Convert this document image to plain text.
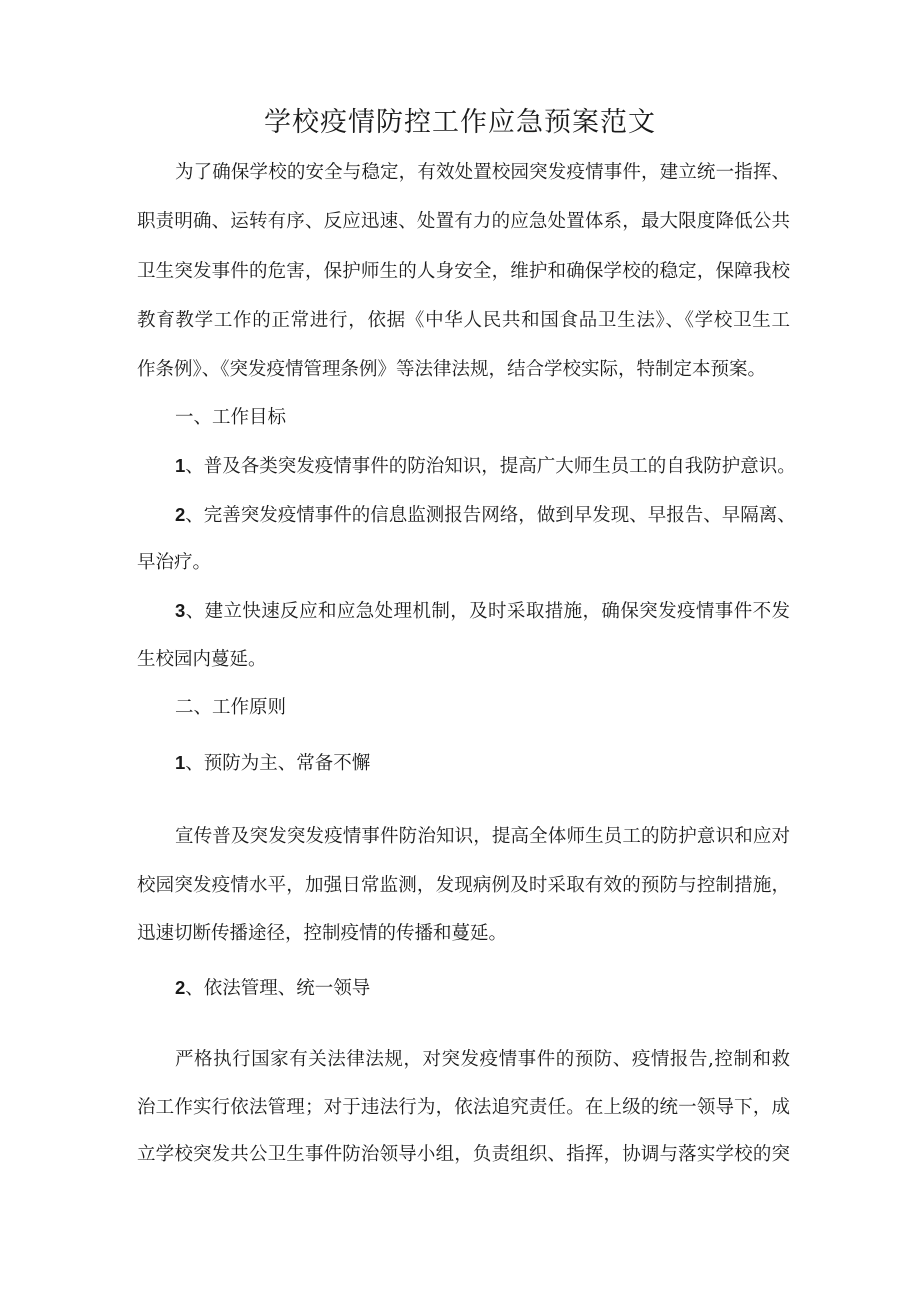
学校疫情防控工作应急预案范文

为了确保学校的安全与稳定，有效处置校园突发疫情事件，建立统一指挥、

职责明确、运转有序、反应迅速、处置有力的应急处置体系，最大限度降低公共

卫生突发事件的危害，保护师生的人身安全，维护和确保学校的稳定，保障我校

教育教学工作的正常进行，依据《中华人民共和国食品卫生法》、《学校卫生工

作条例》、《突发疫情管理条例》等法律法规，结合学校实际，特制定本预案。

一、工作目标

1、普及各类突发疫情事件的防治知识，提高广大师生员工的自我防护意识。

2、完善突发疫情事件的信息监测报告网络，做到早发现、早报告、早隔离、

早治疗。

3、建立快速反应和应急处理机制，及时采取措施，确保突发疫情事件不发

生校园内蔓延。

二、工作原则

1、预防为主、常备不懈

宣传普及突发突发疫情事件防治知识，提高全体师生员工的防护意识和应对

校园突发疫情水平，加强日常监测，发现病例及时采取有效的预防与控制措施，

迅速切断传播途径，控制疫情的传播和蔓延。

2、依法管理、统一领导

严格执行国家有关法律法规，对突发疫情事件的预防、疫情报告,控制和救

治工作实行依法管理；对于违法行为，依法追究责任。在上级的统一领导下，成

立学校突发共公卫生事件防治领导小组，负责组织、指挥，协调与落实学校的突
